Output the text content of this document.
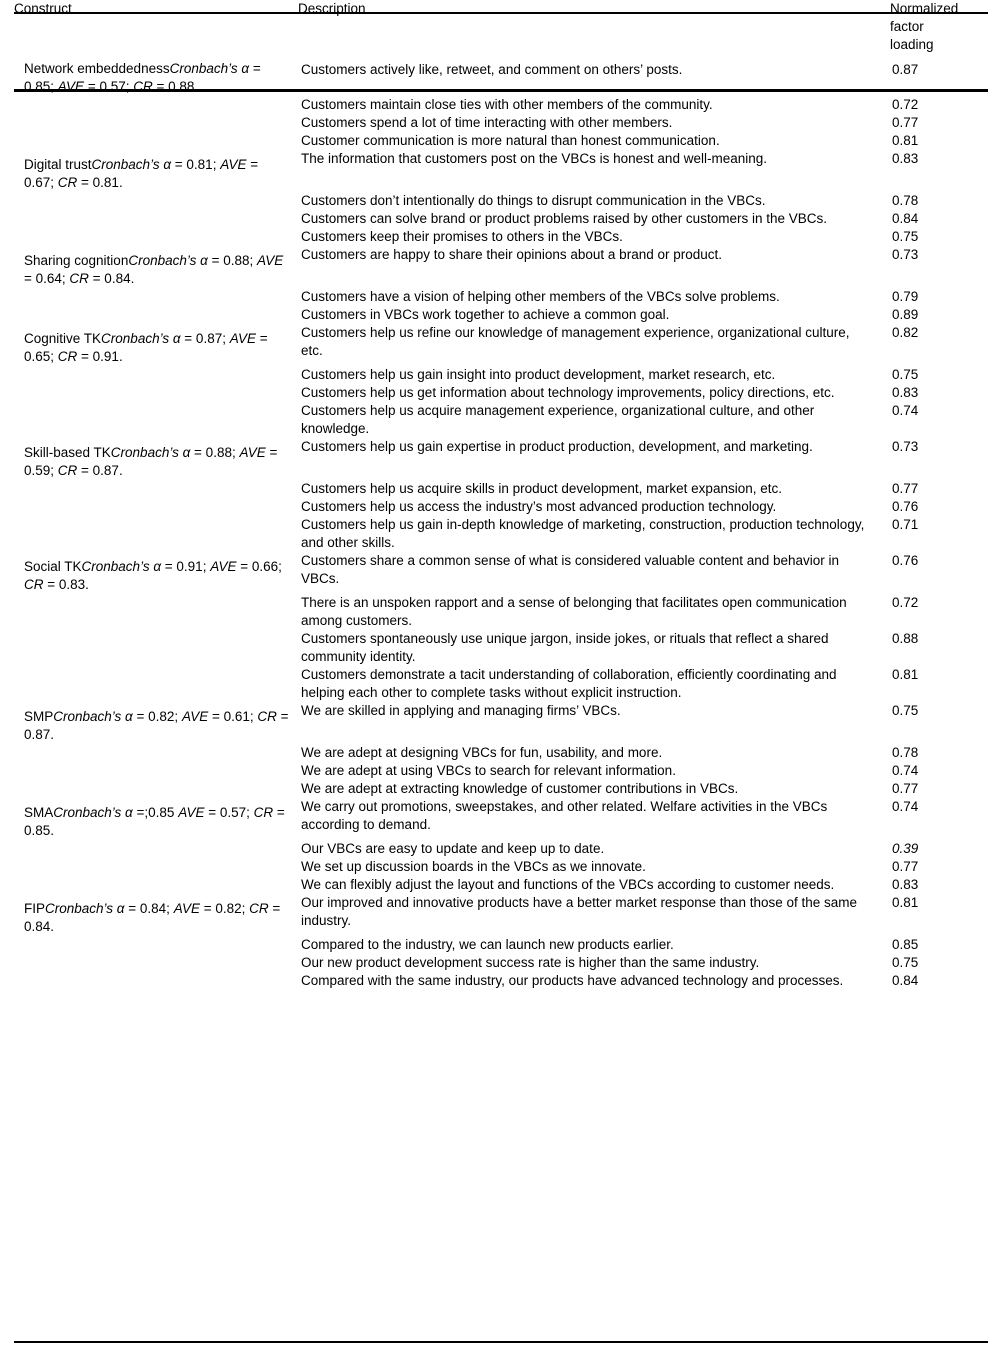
Construct	Description	Normalized
factor
loading
Network embeddednessCronbach’s α = 0.85; AVE = 0.57; CR = 0.88.	Customers actively like, retweet, and comment on others’ posts.	0.87
	Customers maintain close ties with other members of the community.	0.72
	Customers spend a lot of time interacting with other members.	0.77
	Customer communication is more natural than honest communication.	0.81
Digital trustCronbach’s α = 0.81; AVE = 0.67; CR = 0.81.	The information that customers post on the VBCs is honest and well-meaning.	0.83
	Customers don’t intentionally do things to disrupt communication in the VBCs.	0.78
	Customers can solve brand or product problems raised by other customers in the VBCs.	0.84
	Customers keep their promises to others in the VBCs.	0.75
Sharing cognitionCronbach’s α = 0.88; AVE = 0.64; CR = 0.84.	Customers are happy to share their opinions about a brand or product.	0.73
	Customers have a vision of helping other members of the VBCs solve problems.	0.79
	Customers in VBCs work together to achieve a common goal.	0.89
Cognitive TKCronbach’s α = 0.87; AVE = 0.65; CR = 0.91.	Customers help us refine our knowledge of management experience, organizational culture, etc.	0.82
	Customers help us gain insight into product development, market research, etc.	0.75
	Customers help us get information about technology improvements, policy directions, etc.	0.83
	Customers help us acquire management experience, organizational culture, and other knowledge.	0.74
Skill-based TKCronbach’s α = 0.88; AVE = 0.59; CR = 0.87.	Customers help us gain expertise in product production, development, and marketing.	0.73
	Customers help us acquire skills in product development, market expansion, etc.	0.77
	Customers help us access the industry’s most advanced production technology.	0.76
	Customers help us gain in-depth knowledge of marketing, construction, production technology, and other skills.	0.71
Social TKCronbach’s α = 0.91; AVE = 0.66; CR = 0.83.	Customers share a common sense of what is considered valuable content and behavior in VBCs.	0.76
	There is an unspoken rapport and a sense of belonging that facilitates open communication among customers.	0.72
	Customers spontaneously use unique jargon, inside jokes, or rituals that reflect a shared community identity.	0.88
	Customers demonstrate a tacit understanding of collaboration, efficiently coordinating and helping each other to complete tasks without explicit instruction.	0.81
SMPCronbach’s α = 0.82; AVE = 0.61; CR = 0.87.	We are skilled in applying and managing firms’ VBCs.	0.75
	We are adept at designing VBCs for fun, usability, and more.	0.78
	We are adept at using VBCs to search for relevant information.	0.74
	We are adept at extracting knowledge of customer contributions in VBCs.	0.77
SMACronbach’s α =;0.85 AVE = 0.57; CR = 0.85.	We carry out promotions, sweepstakes, and other related. Welfare activities in the VBCs according to demand.	0.74
	Our VBCs are easy to update and keep up to date.	0.39
	We set up discussion boards in the VBCs as we innovate.	0.77
	We can flexibly adjust the layout and functions of the VBCs according to customer needs.	0.83
FIPCronbach’s α = 0.84; AVE = 0.82; CR = 0.84.	Our improved and innovative products have a better market response than those of the same industry.	0.81
	Compared to the industry, we can launch new products earlier.	0.85
	Our new product development success rate is higher than the same industry.	0.75
	Compared with the same industry, our products have advanced technology and processes.	0.84
